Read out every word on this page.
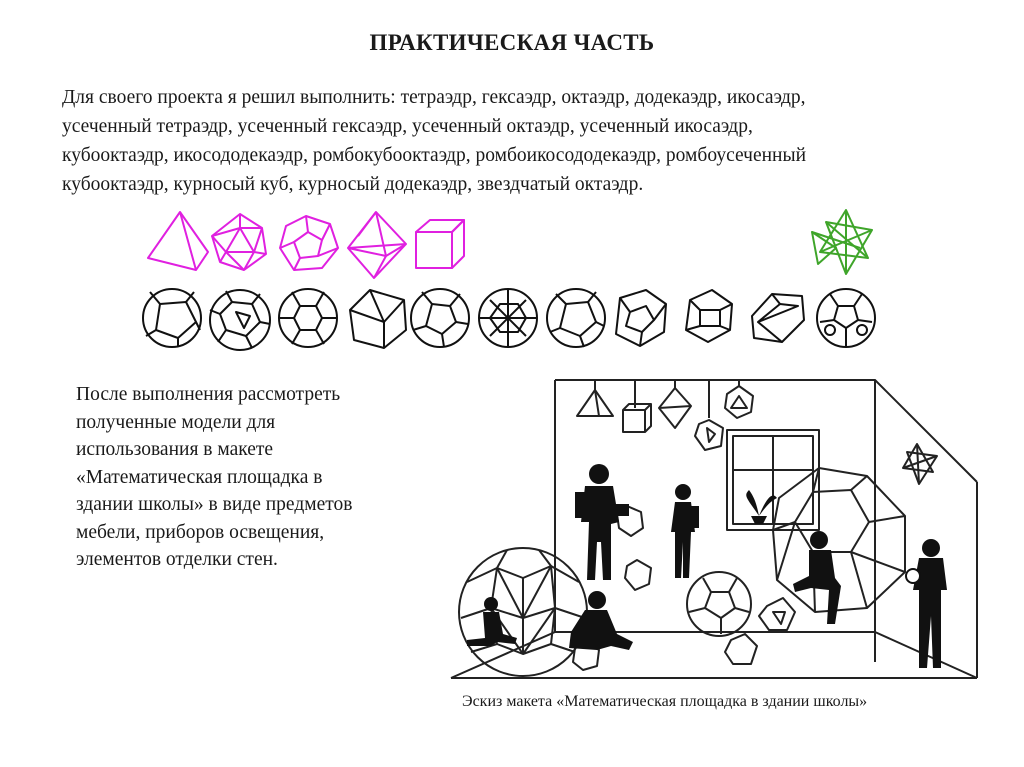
ПРАКТИЧЕСКАЯ ЧАСТЬ
Для своего проекта я решил выполнить: тетраэдр, гексаэдр, октаэдр, додекаэдр, икосаэдр,
усеченный тетраэдр, усеченный гексаэдр, усеченный октаэдр, усеченный икосаэдр,
кубооктаэдр, икосододекаэдр, ромбокубооктаэдр, ромбоикосододекаэдр, ромбоусеченный
кубооктаэдр, курносый куб, курносый додекаэдр, звездчатый октаэдр.
После выполнения рассмотреть
полученные модели для
использования в макете
«Математическая площадка в
здании школы» в виде предметов
мебели, приборов освещения,
элементов отделки стен.
Эскиз макета «Математическая площадка в здании школы»
